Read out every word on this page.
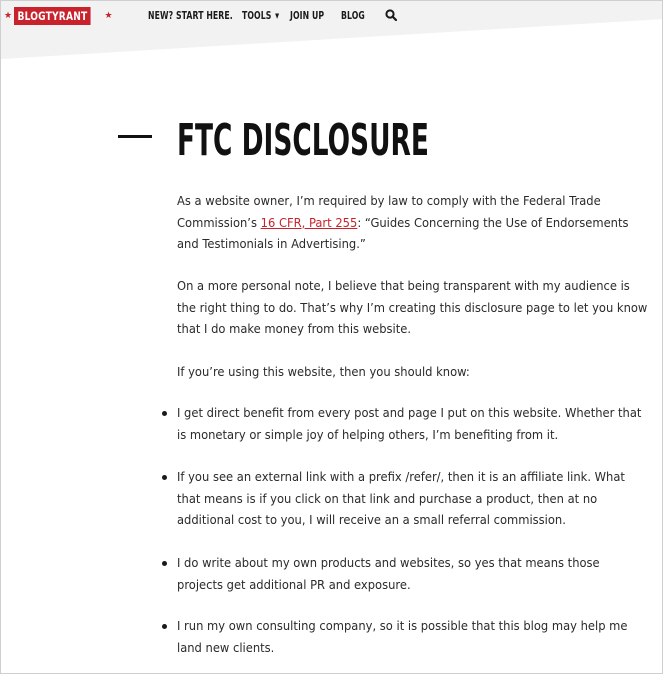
★ BLOGTYRANT	★	NEW? START HERE. TOOLS ▼ JOIN UP BLOG
FTC DISCLOSURE

As a website owner, I’m required by law to comply with the Federal Trade Commission’s 16 CFR, Part 255: “Guides Concerning the Use of Endorsements and Testimonials in Advertising.”

On a more personal note, I believe that being transparent with my audience is the right thing to do. That’s why I’m creating this disclosure page to let you know that I do make money from this website.

If you’re using this website, then you should know:

I get direct benefit from every post and page I put on this website. Whether that is monetary or simple joy of helping others, I’m benefiting from it.

If you see an external link with a prefix /refer/, then it is an affiliate link. What that means is if you click on that link and purchase a product, then at no additional cost to you, I will receive an a small referral commission.

I do write about my own products and websites, so yes that means those projects get additional PR and exposure.

I run my own consulting company, so it is possible that this blog may help me land new clients.
